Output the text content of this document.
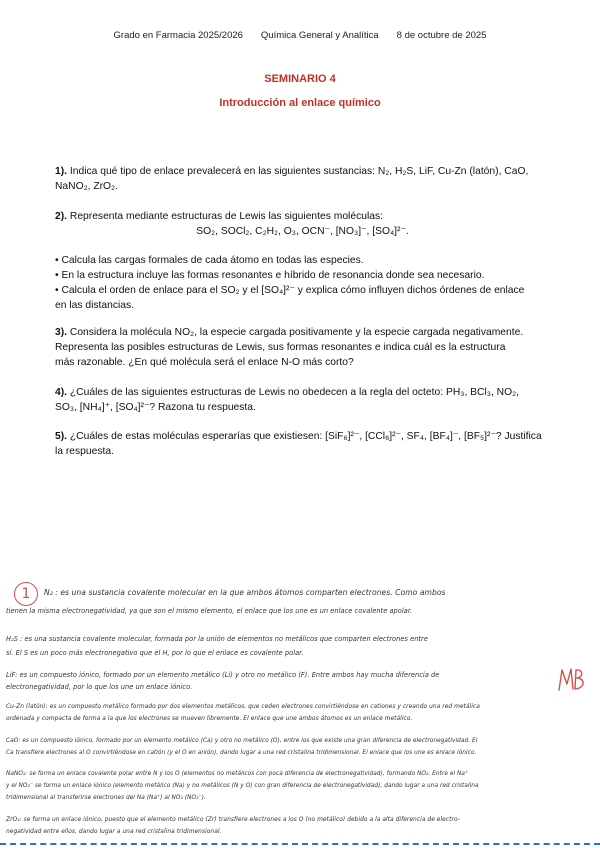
Grado en Farmacia 2025/2026 Química General y Analítica 8 de octubre de 2025
SEMINARIO 4
Introducción al enlace químico
1). Indica qué tipo de enlace prevalecerá en las siguientes sustancias: N₂, H₂S, LiF, Cu-Zn (latón), CaO,
NaNO₂, ZrO₂.
2). Representa mediante estructuras de Lewis las siguientes moléculas:
SO₂, SOCl₂, C₂H₂, O₃, OCN⁻, [NO₃]⁻, [SO₄]²⁻.
• Calcula las cargas formales de cada átomo en todas las especies.
• En la estructura incluye las formas resonantes e híbrido de resonancia donde sea necesario.
• Calcula el orden de enlace para el SO₂ y el [SO₄]²⁻ y explica cómo influyen dichos órdenes de enlace
en las distancias.
3). Considera la molécula NO₂, la especie cargada positivamente y la especie cargada negativamente.
Representa las posibles estructuras de Lewis, sus formas resonantes e indica cuál es la estructura
más razonable. ¿En qué molécula será el enlace N-O más corto?
4). ¿Cuáles de las siguientes estructuras de Lewis no obedecen a la regla del octeto: PH₃, BCl₃, NO₂,
SO₃, [NH₄]⁺, [SO₄]²⁻? Razona tu respuesta.
5). ¿Cuáles de estas moléculas esperarías que existiesen: [SiF₆]²⁻, [CCl₆]²⁻, SF₄, [BF₄]⁻, [BF₅]²⁻? Justifica
la respuesta.
1	N₂ : es una sustancia covalente molecular en la que ambos átomos comparten electrones. Como ambos
tienen la misma electronegatividad, ya que son el mismo elemento, el enlace que los une es un enlace covalente apolar.
H₂S : es una sustancia covalente molecular, formada por la unión de elementos no metálicos que comparten electrones entre
sí. El S es un poco más electronegativo que el H, por lo que el enlace es covalente polar.
LiF: es un compuesto iónico, formado por un elemento metálico (Li) y otro no metálico (F). Entre ambos hay mucha diferencia de
electronegatividad, por lo que los une un enlace iónico.
Cu-Zn (latón): es un compuesto metálico formado por dos elementos metálicos, que ceden electrones convirtiéndose en cationes y creando una red metálica
ordenada y compacta de forma a la que los electrones se mueven libremente. El enlace que une ambos átomos es un enlace metálico.
CaO: es un compuesto iónico, formado por un elemento metálico (Ca) y otro no metálico (O), entre los que existe una gran diferencia de electronegatividad. El
Ca transfiere electrones al O convirtiéndose en catión (y el O en anión), dando lugar a una red cristalina tridimensional. El enlace que los une es enlace iónico.
NaNO₂: se forma un enlace covalente polar entre N y los O (elementos no metálicos con poca diferencia de electronegatividad), formando NO₂. Entre el Na⁺
y el NO₂⁻ se forma un enlace iónico (elemento metálico (Na) y no metálicos (N y O) con gran diferencia de electronegatividad), dando lugar a una red cristalina
tridimensional al transferirse electrones del Na (Na⁺) al NO₂ (NO₂⁻).
ZrO₂: se forma un enlace iónico, puesto que el elemento metálico (Zr) transfiere electrones a los O (no metálico) debido a la alta diferencia de electro-
negatividad entre ellos, dando lugar a una red cristalina tridimensional.
